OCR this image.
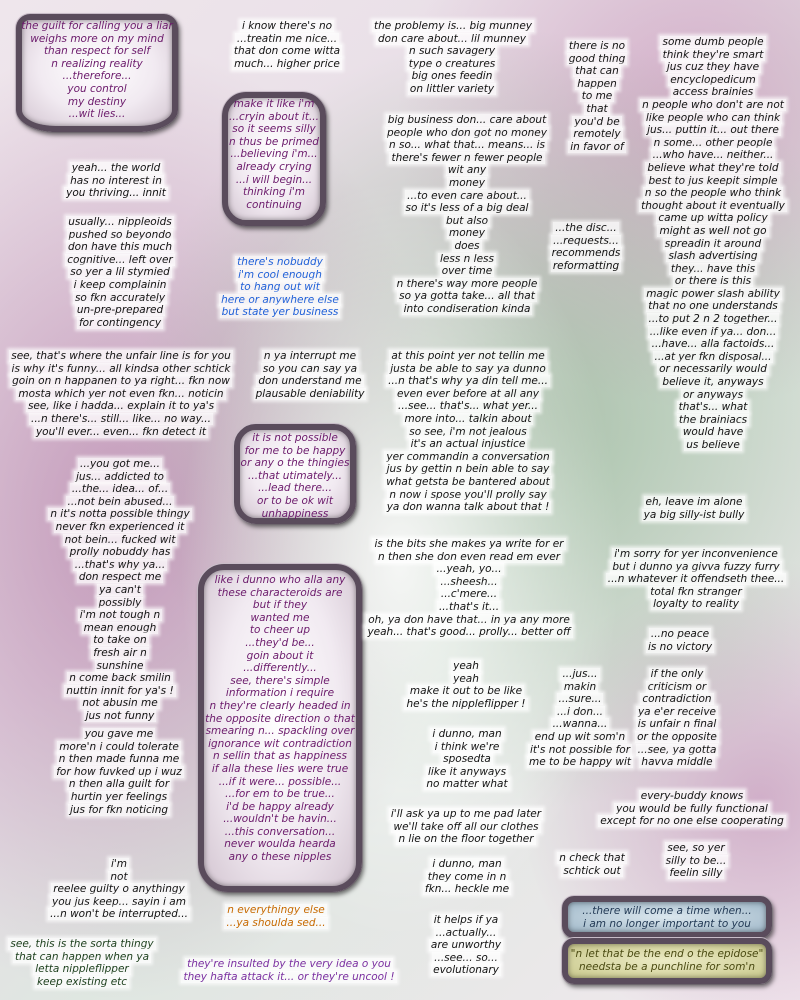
the guilt for calling you a liar
weighs more on my mind
than respect for self
n realizing reality
...therefore...
you control
my destiny
...wit lies...

make it like i'm
...cryin about it...
so it seems silly
n thus be primed
...believing i'm...
already crying
...i will begin...
thinking i'm
continuing

it is not possible
for me to be happy
or any o the thingies
...that utimately...
...lead there...
or to be ok wit
unhappiness

like i dunno who alla any
these characteroids are
but if they
wanted me
to cheer up
...they'd be...
goin about it
...differently...
see, there's simple
information i require
n they're clearly headed in
the opposite direction o that
smearing n... spackling over
ignorance wit contradiction
n sellin that as happiness
if alla these lies were true
...if it were... possible...
...for em to be true...
i'd be happy already
...wouldn't be havin...
...this conversation...
never woulda hearda
any o these nipples

...there will come a time when...
i am no longer important to you

"n let that be the end o the epidose"
needsta be a punchline for som'n

i know there's no
...treatin me nice...
that don come witta
much... higher price

the problemy is... big munney
don care about... lil munney
n such savagery
type o creatures
big ones feedin
on littler variety

there is no
good thing
that can
happen
to me
that
you'd be
remotely
in favor of

some dumb people
think they're smart
jus cuz they have
encyclopedicum
access brainies
n people who don't are not
like people who can think
jus... puttin it... out there
n some... other people
...who have... neither...
believe what they're told
best to jus keepit simple
n so the people who think
thought about it eventually
came up witta policy
might as well not go
spreadin it around
slash advertising
they... have this
or there is this
magic power slash ability
that no one understands
...to put 2 n 2 together...
...like even if ya... don...
...have... alla factoids...
...at yer fkn disposal...
or necessarily would
believe it, anyways
or anyways
that's... what
the brainiacs
would have
us believe

big business don... care about
people who don got no money
n so... what that... means... is
there's fewer n fewer people
wit any
money
...to even care about...
so it's less of a big deal
but also
money
does
less n less
over time
n there's way more people
so ya gotta take... all that
into condiseration kinda

yeah... the world
has no interest in
you thriving... innit

usually... nippleoids
pushed so beyondo
don have this much
cognitive... left over
so yer a lil stymied
i keep complainin
so fkn accurately
un-pre-prepared
for contingency

...the disc...
...requests...
recommends
reformatting

there's nobuddy
i'm cool enough
to hang out wit
here or anywhere else
but state yer business

see, that's where the unfair line is for you
is why it's funny... all kindsa other schtick
goin on n happanen to ya right... fkn now
mosta which yer not even fkn... noticin
see, like i hadda... explain it to ya's
...n there's... still... like... no way...
you'll ever... even... fkn detect it

n ya interrupt me
so you can say ya
don understand me
plausable deniability

at this point yer not tellin me
justa be able to say ya dunno
...n that's why ya din tell me...
even ever before at all any
...see... that's... what yer...
more into... talkin about
so see, i'm not jealous
it's an actual injustice
yer commandin a conversation
jus by gettin n bein able to say
what getsta be bantered about
n now i spose you'll prolly say
ya don wanna talk about that !

...you got me...
jus... addicted to
...the... idea... of...
...not bein abused...
n it's notta possible thingy
never fkn experienced it
not bein... fucked wit
prolly nobuddy has
...that's why ya...
don respect me
ya can't
possibly
i'm not tough n
mean enough
to take on
fresh air n
sunshine
n come back smilin
nuttin innit for ya's !
not abusin me
jus not funny

eh, leave im alone
ya big silly-ist bully

is the bits she makes ya write for er
n then she don even read em ever
...yeah, yo...
...sheesh...
...c'mere...
...that's it...
oh, ya don have that... in ya any more
yeah... that's good... prolly... better off

i'm sorry for yer inconvenience
but i dunno ya givva fuzzy furry
...n whatever it offendseth thee...
total fkn stranger
loyalty to reality

...no peace
is no victory

yeah
yeah
make it out to be like
he's the nippleflipper !

...jus...
makin
...sure...
...i don...
...wanna...
end up wit som'n
it's not possible for
me to be happy wit

if the only
criticism or
contradiction
ya e'er receive
is unfair n final
or the opposite
...see, ya gotta
havva middle

you gave me
more'n i could tolerate
n then made funna me
for how fuvked up i wuz
n then alla guilt for
hurtin yer feelings
jus for fkn noticing

i dunno, man
i think we're
sposedta
like it anyways
no matter what

every-buddy knows
you would be fully functional
except for no one else cooperating

i'll ask ya up to me pad later
we'll take off all our clothes
n lie on the floor together

see, so yer
silly to be...
feelin silly

n check that
schtick out

i'm
not
reelee guilty o anythingy
you jus keep... sayin i am
...n won't be interrupted...

i dunno, man
they come in n
fkn... heckle me

n everythingy else
...ya shoulda sed...	it helps if ya
...actually...
are unworthy
...see... so...
evolutionary

see, this is the sorta thingy
that can happen when ya
letta nippleflipper
keep existing etc

they're insulted by the very idea o you
they hafta attack it... or they're uncool !
